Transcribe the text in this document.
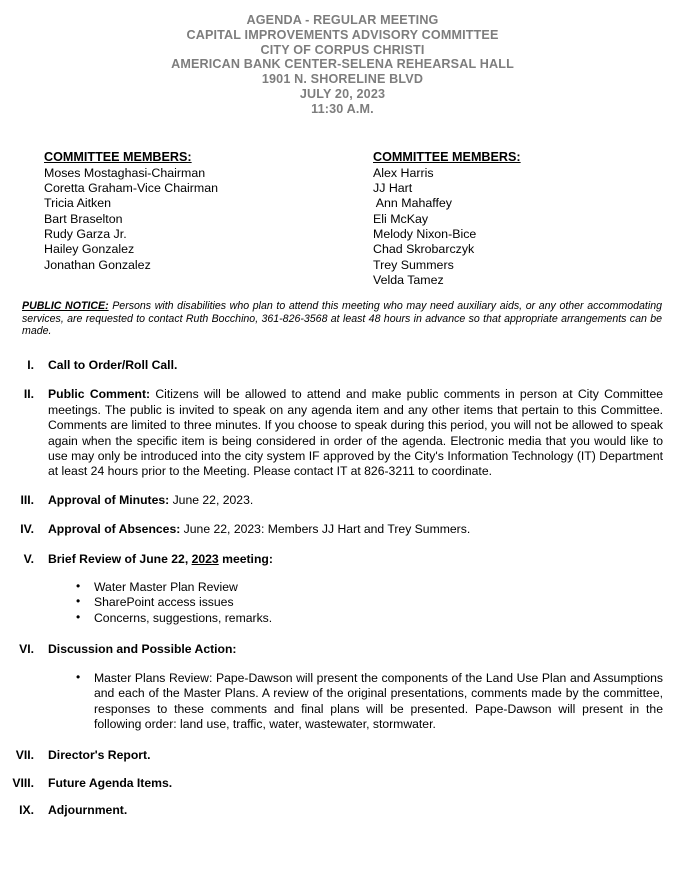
AGENDA - REGULAR MEETING
CAPITAL IMPROVEMENTS ADVISORY COMMITTEE
CITY OF CORPUS CHRISTI
AMERICAN BANK CENTER-SELENA REHEARSAL HALL
1901 N. SHORELINE BLVD
JULY 20, 2023
11:30 A.M.
COMMITTEE MEMBERS:
Moses Mostaghasi-Chairman
Coretta Graham-Vice Chairman
Tricia Aitken
Bart Braselton
Rudy Garza Jr.
Hailey Gonzalez
Jonathan Gonzalez
COMMITTEE MEMBERS:
Alex Harris
JJ Hart
Ann Mahaffey
Eli McKay
Melody Nixon-Bice
Chad Skrobarczyk
Trey Summers
Velda Tamez
PUBLIC NOTICE: Persons with disabilities who plan to attend this meeting who may need auxiliary aids, or any other accommodating services, are requested to contact Ruth Bocchino, 361-826-3568 at least 48 hours in advance so that appropriate arrangements can be made.
I.	Call to Order/Roll Call.
II.	Public Comment: Citizens will be allowed to attend and make public comments in person at City Committee meetings. The public is invited to speak on any agenda item and any other items that pertain to this Committee. Comments are limited to three minutes. If you choose to speak during this period, you will not be allowed to speak again when the specific item is being considered in order of the agenda. Electronic media that you would like to use may only be introduced into the city system IF approved by the City's Information Technology (IT) Department at least 24 hours prior to the Meeting. Please contact IT at 826-3211 to coordinate.
III.	Approval of Minutes: June 22, 2023.
IV.	Approval of Absences: June 22, 2023: Members JJ Hart and Trey Summers.
V.	Brief Review of June 22, 2023 meeting:
• Water Master Plan Review
• SharePoint access issues
• Concerns, suggestions, remarks.
VI.	Discussion and Possible Action:
• Master Plans Review: Pape-Dawson will present the components of the Land Use Plan and Assumptions and each of the Master Plans. A review of the original presentations, comments made by the committee, responses to these comments and final plans will be presented. Pape-Dawson will present in the following order: land use, traffic, water, wastewater, stormwater.
VII.	Director's Report.
VIII.	Future Agenda Items.
IX.	Adjournment.
